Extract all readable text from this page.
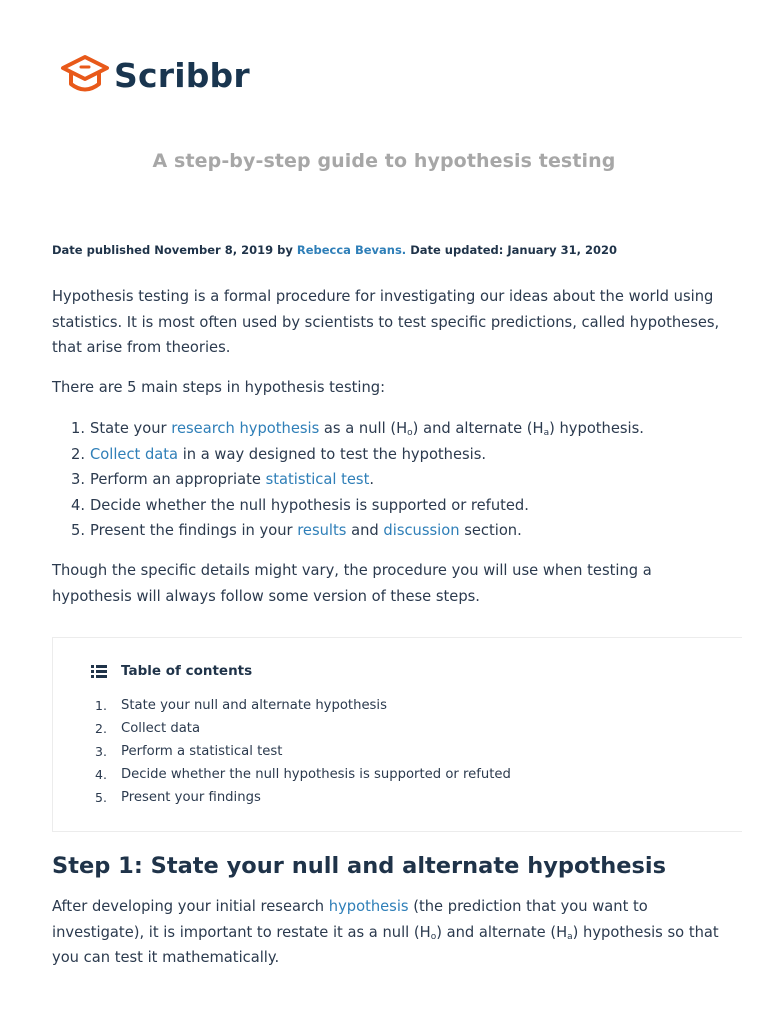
Scribbr
A step-by-step guide to hypothesis testing
Date published November 8, 2019 by Rebecca Bevans. Date updated: January 31, 2020

Hypothesis testing is a formal procedure for investigating our ideas about the world using statistics. It is most often used by scientists to test specific predictions, called hypotheses, that arise from theories.

There are 5 main steps in hypothesis testing:

1. State your research hypothesis as a null $(H_o)$ and alternate $(H_a)$ hypothesis.
2. Collect data in a way designed to test the hypothesis.
3. Perform an appropriate statistical test.
4. Decide whether the null hypothesis is supported or refuted.
5. Present the findings in your results and discussion section.

Though the specific details might vary, the procedure you will use when testing a hypothesis will always follow some version of these steps.

Table of contents
1.	State your null and alternate hypothesis
2.	Collect data
3.	Perform a statistical test
4.	Decide whether the null hypothesis is supported or refuted
5.	Present your findings
Step 1: State your null and alternate hypothesis

After developing your initial research hypothesis (the prediction that you want to investigate), it is important to restate it as a null $(H_o)$ and alternate $(H_a)$ hypothesis so that you can test it mathematically.
